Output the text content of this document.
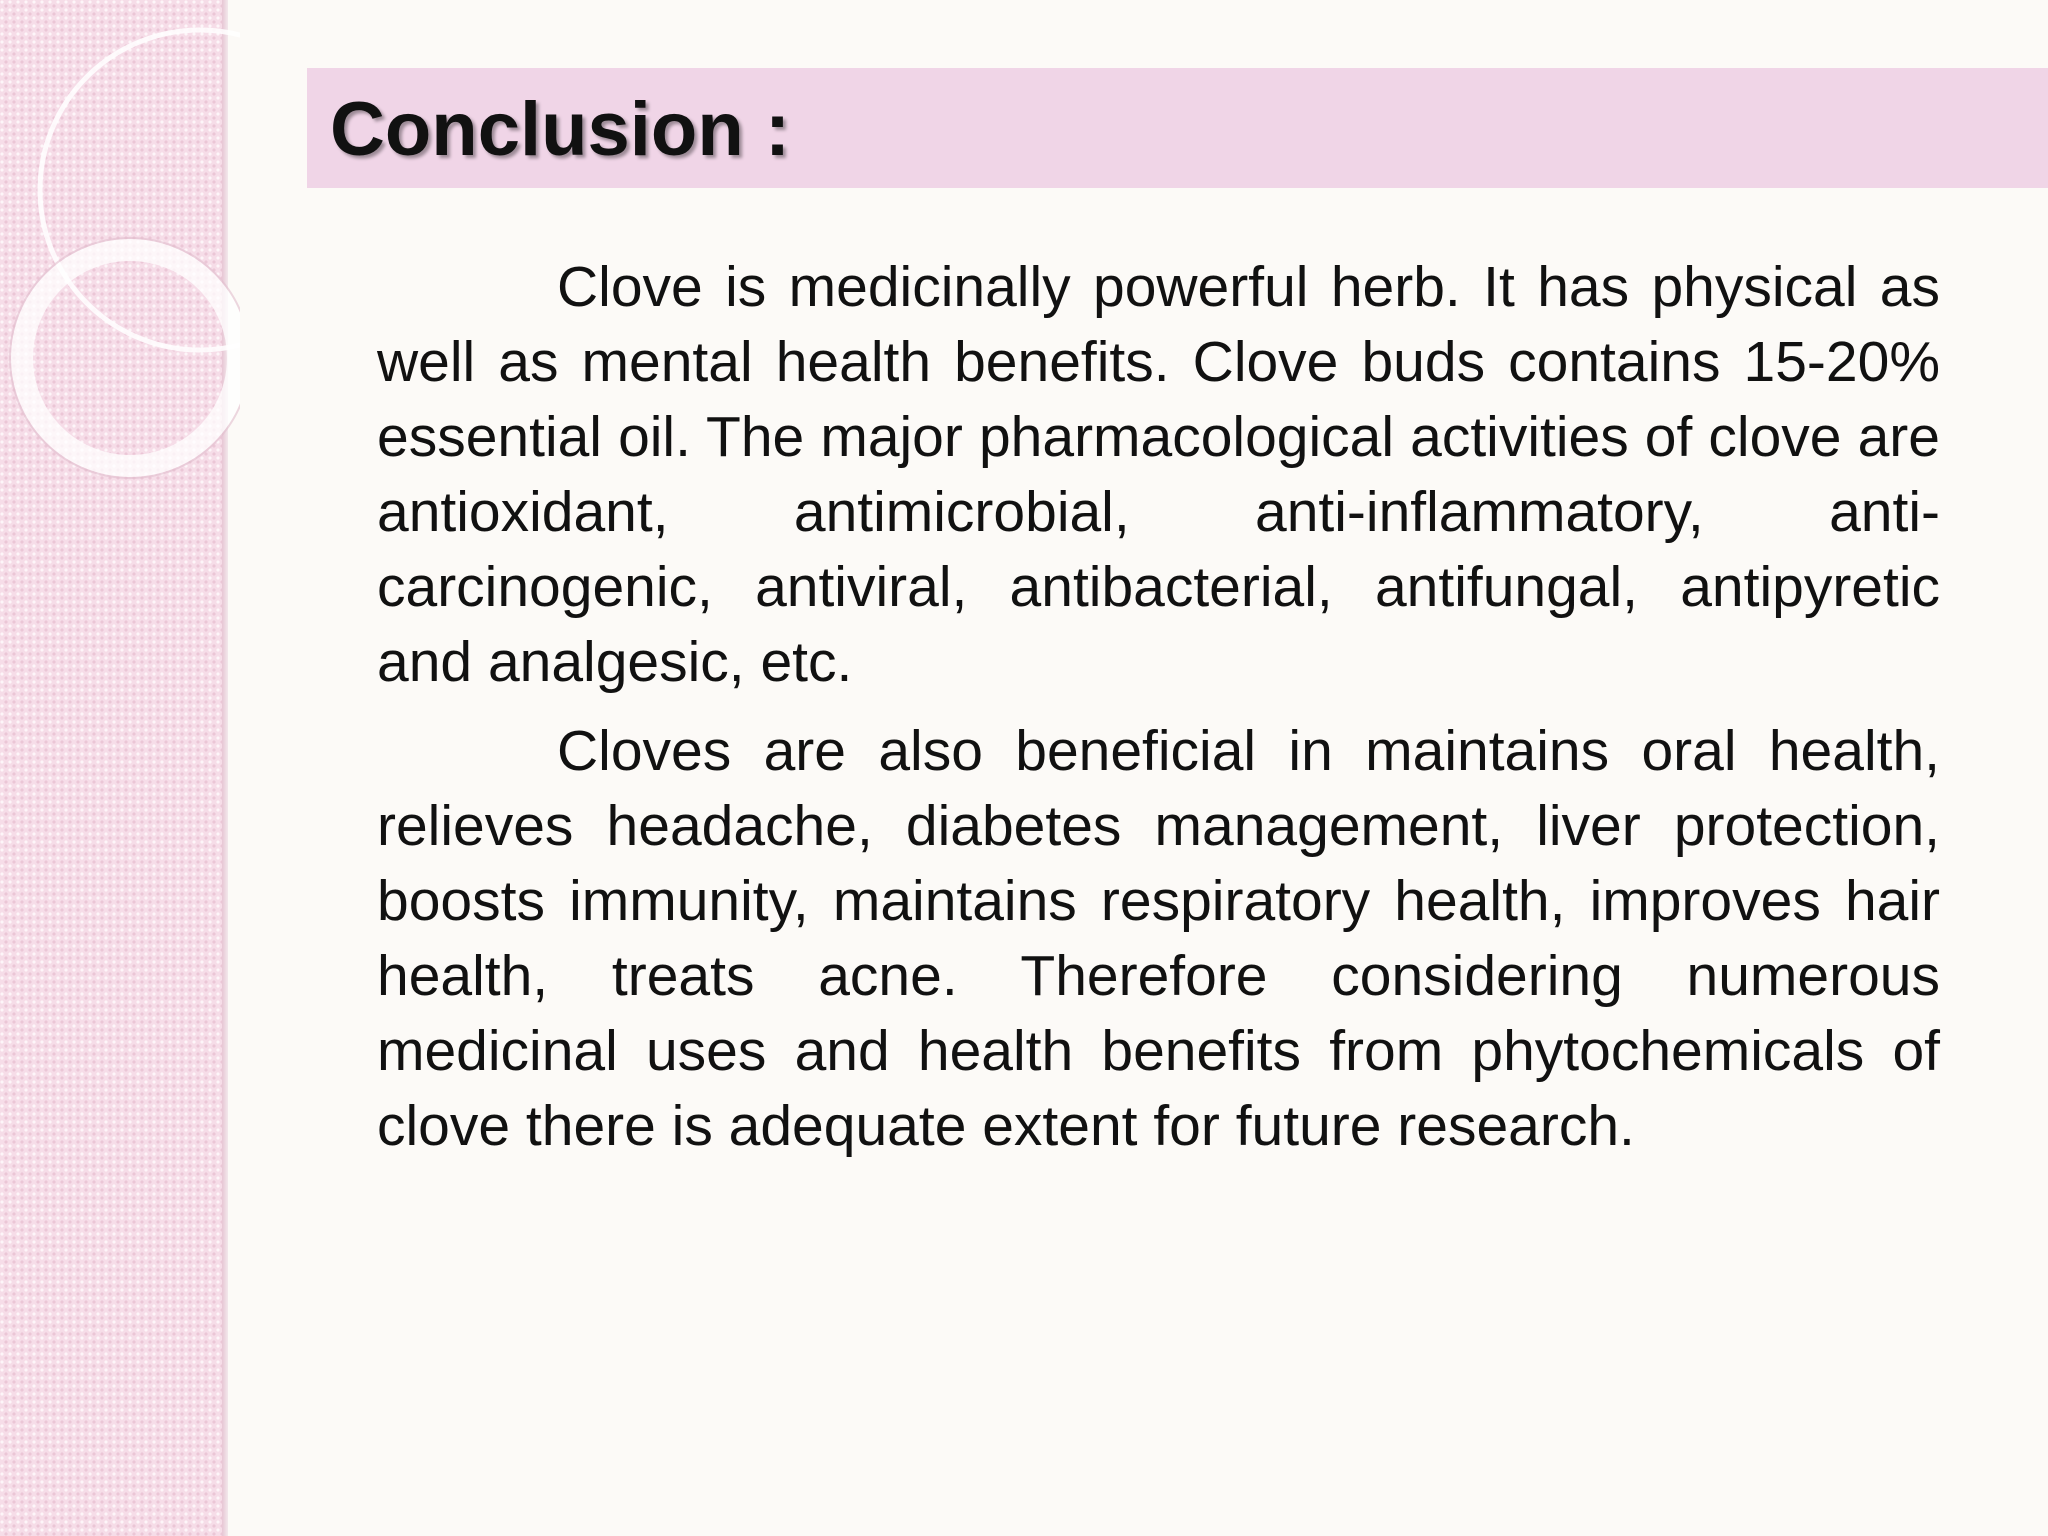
Conclusion :

Clove is medicinally powerful herb. It has physical as well as mental health benefits. Clove buds contains 15-20% essential oil. The major pharmacological activities of clove are antioxidant, antimicrobial, anti-inflammatory, anti-carcinogenic, antiviral, antibacterial, antifungal, antipyretic and analgesic, etc.

Cloves are also beneficial in maintains oral health, relieves headache, diabetes management, liver protection, boosts immunity, maintains respiratory health, improves hair health, treats acne. Therefore considering numerous medicinal uses and health benefits from phytochemicals of clove there is adequate extent for future research.
